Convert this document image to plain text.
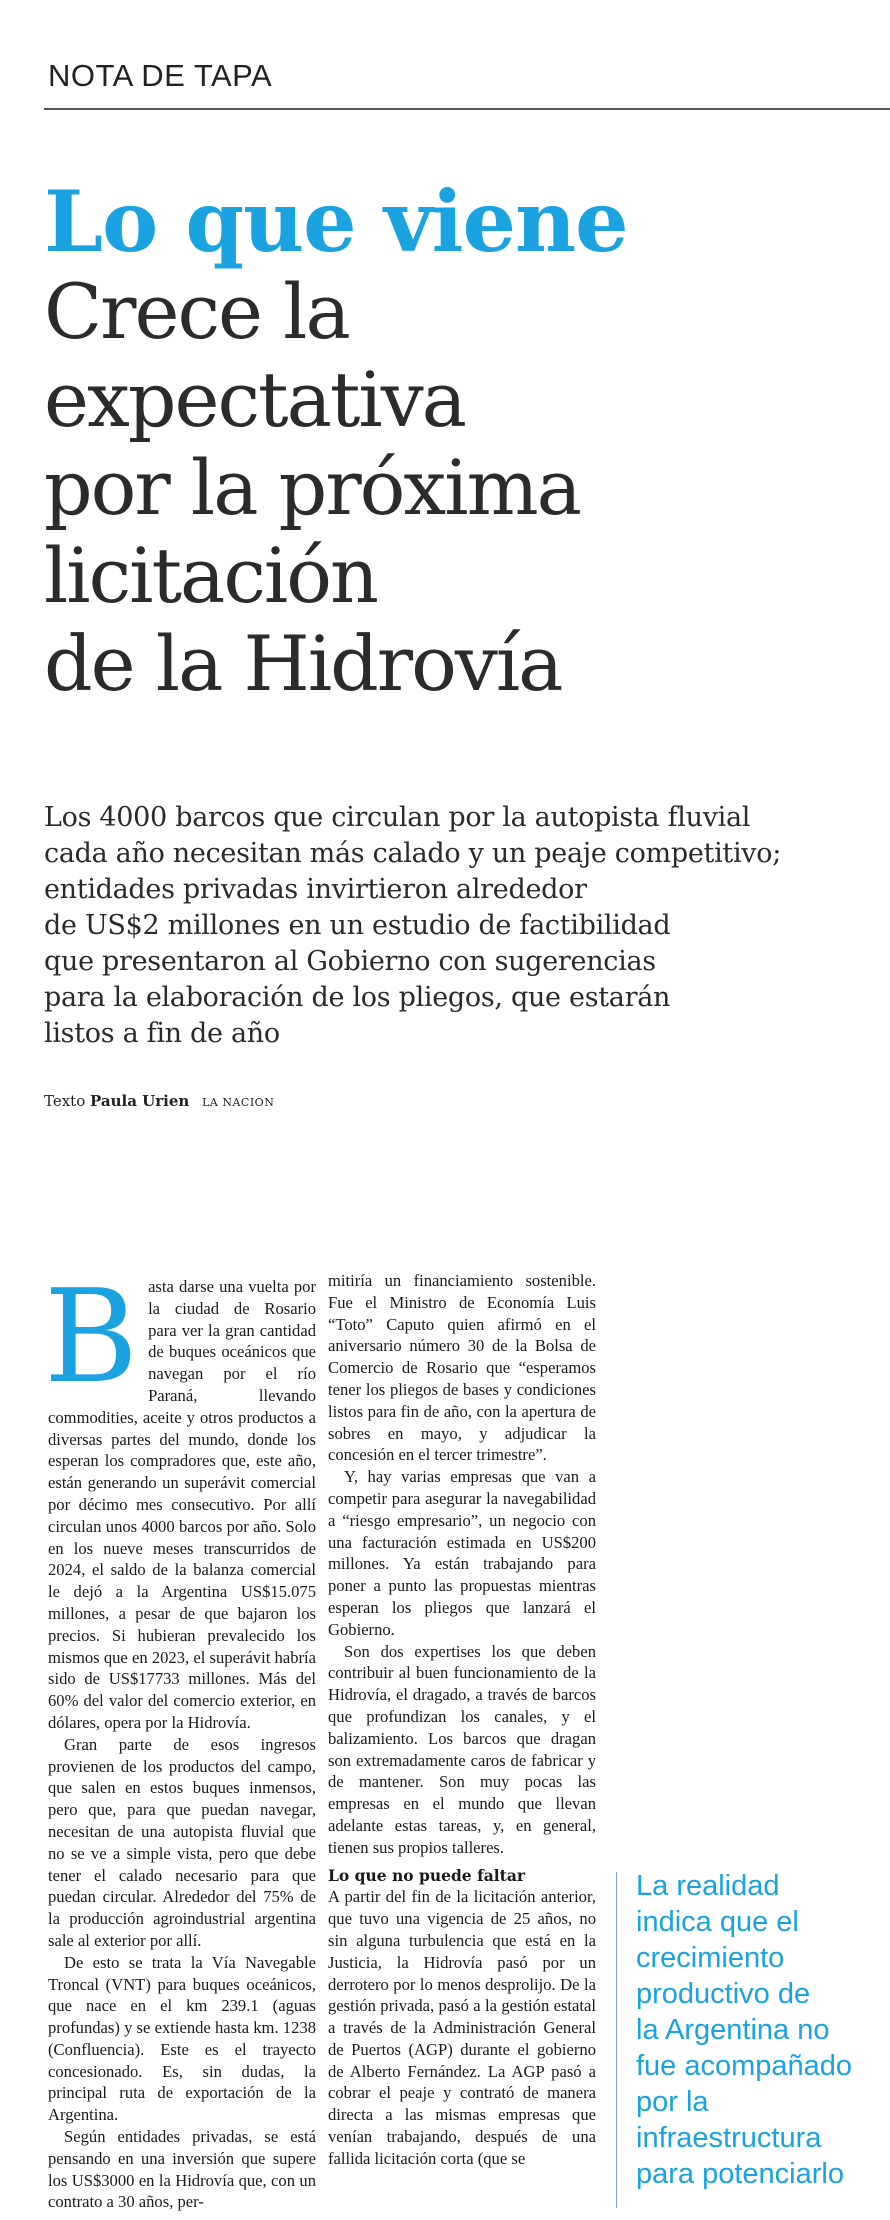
NOTA DE TAPA
Lo que viene
Crece la
expectativa
por la próxima
licitación
de la Hidrovía
Los 4000 barcos que circulan por la autopista fluvial
cada año necesitan más calado y un peaje competitivo;
entidades privadas invirtieron alrededor
de US$2 millones en un estudio de factibilidad
que presentaron al Gobierno con sugerencias
para la elaboración de los pliegos, que estarán
listos a fin de año
Texto Paula Urien LA NACION

Basta darse una vuelta por la ciudad de Rosario para ver la gran cantidad de buques oceánicos que navegan por el río Paraná, llevando commodities, aceite y otros productos a diversas partes del mundo, donde los esperan los compradores que, este año, están generando un superávit comercial por décimo mes consecutivo. Por allí circulan unos 4000 barcos por año. Solo en los nueve meses transcurridos de 2024, el saldo de la balanza comercial le dejó a la Argentina US$15.075 millones, a pesar de que bajaron los precios. Si hubieran prevalecido los mismos que en 2023, el superávit habría sido de US$17733 millones. Más del 60% del valor del comercio exterior, en dólares, opera por la Hidrovía.

Gran parte de esos ingresos provienen de los productos del campo, que salen en estos buques inmensos, pero que, para que puedan navegar, necesitan de una autopista fluvial que no se ve a simple vista, pero que debe tener el calado necesario para que puedan circular. Alrededor del 75% de la producción agroindustrial argentina sale al exterior por allí.

De esto se trata la Vía Navegable Troncal (VNT) para buques oceánicos, que nace en el km 239.1 (aguas profundas) y se extiende hasta km. 1238 (Confluencia). Este es el trayecto concesionado. Es, sin dudas, la principal ruta de exportación de la Argentina.

Según entidades privadas, se está pensando en una inversión que supere los US$3000 en la Hidrovía que, con un contrato a 30 años, per-

mitiría un financiamiento sostenible. Fue el Ministro de Economía Luis “Toto” Caputo quien afirmó en el aniversario número 30 de la Bolsa de Comercio de Rosario que “esperamos tener los pliegos de bases y condiciones listos para fin de año, con la apertura de sobres en mayo, y adjudicar la concesión en el tercer trimestre”.

Y, hay varias empresas que van a competir para asegurar la navegabilidad a “riesgo empresario”, un negocio con una facturación estimada en US$200 millones. Ya están trabajando para poner a punto las propuestas mientras esperan los pliegos que lanzará el Gobierno.

Son dos expertises los que deben contribuir al buen funcionamiento de la Hidrovía, el dragado, a través de barcos que profundizan los canales, y el balizamiento. Los barcos que dragan son extremadamente caros de fabricar y de mantener. Son muy pocas las empresas en el mundo que llevan adelante estas tareas, y, en general, tienen sus propios talleres.

Lo que no puede faltar

A partir del fin de la licitación anterior, que tuvo una vigencia de 25 años, no sin alguna turbulencia que está en la Justicia, la Hidrovía pasó por un derrotero por lo menos desprolijo. De la gestión privada, pasó a la gestión estatal a través de la Administración General de Puertos (AGP) durante el gobierno de Alberto Fernández. La AGP pasó a cobrar el peaje y contrató de manera directa a las mismas empresas que venían trabajando, después de una fallida licitación corta (que se

La realidad
indica que el
crecimiento
productivo de
la Argentina no
fue acompañado
por la
infraestructura
para potenciarlo
